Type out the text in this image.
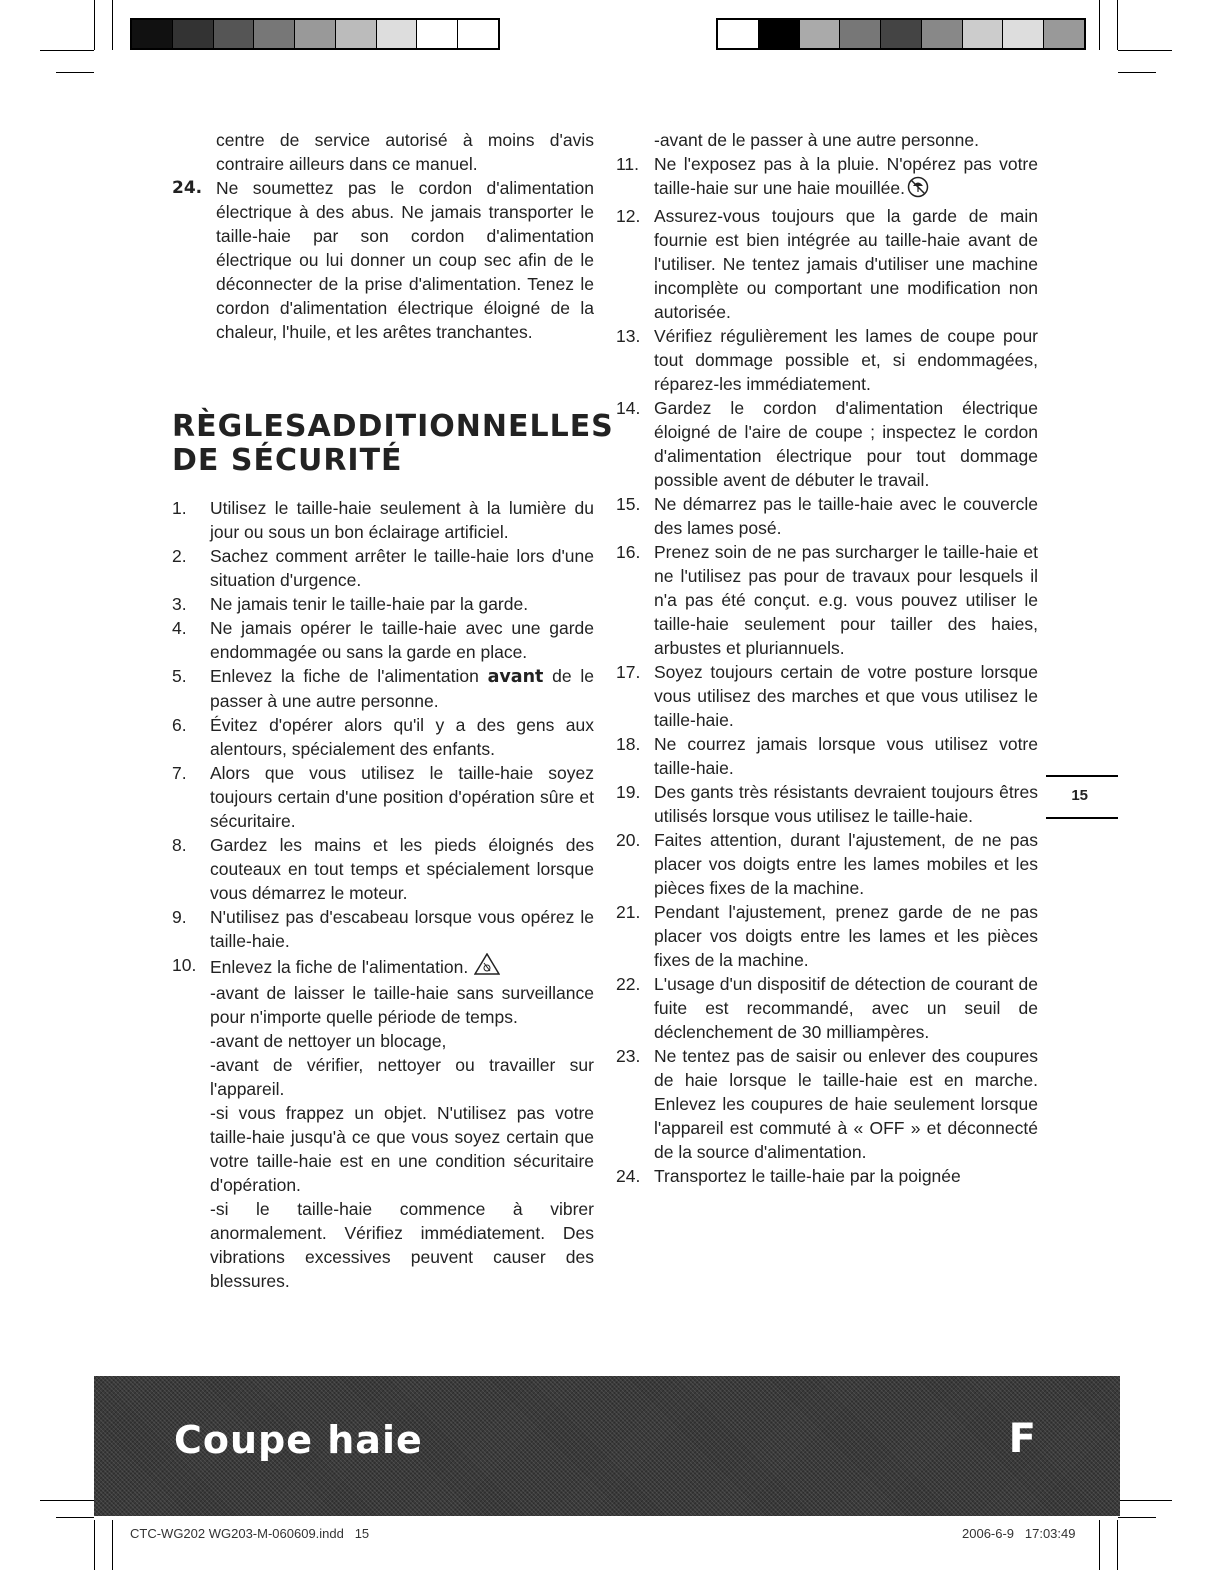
centre de service autorisé à moins d'avis contraire ailleurs dans ce manuel.
24. Ne soumettez pas le cordon d'alimentation électrique à des abus. Ne jamais transporter le taille-haie par son cordon d'alimentation électrique ou lui donner un coup sec afin de le déconnecter de la prise d'alimentation. Tenez le cordon d'alimentation électrique éloigné de la chaleur, l'huile, et les arêtes tranchantes.
RÈGLES ADDITIONNELLES
DE SÉCURITÉ
1.	Utilisez le taille-haie seulement à la lumière du jour ou sous un bon éclairage artificiel.
2.	Sachez comment arrêter le taille-haie lors d'une situation d'urgence.
3.	Ne jamais tenir le taille-haie par la garde.
4.	Ne jamais opérer le taille-haie avec une garde endommagée ou sans la garde en place.
5.	Enlevez la fiche de l'alimentation avant de le passer à une autre personne.
6.	Évitez d'opérer alors qu'il y a des gens aux alentours, spécialement des enfants.
7.	Alors que vous utilisez le taille-haie soyez toujours certain d'une position d'opération sûre et sécuritaire.
8.	Gardez les mains et les pieds éloignés des couteaux en tout temps et spécialement lorsque vous démarrez le moteur.
9.	N'utilisez pas d'escabeau lorsque vous opérez le taille-haie.
10. Enlevez la fiche de l'alimentation.
-avant de laisser le taille-haie sans surveillance pour n'importe quelle période de temps.
-avant de nettoyer un blocage,
-avant de vérifier, nettoyer ou travailler sur l'appareil.
-si vous frappez un objet. N'utilisez pas votre taille-haie jusqu'à ce que vous soyez certain que votre taille-haie est en une condition sécuritaire d'opération.
-si le taille-haie commence à vibrer anormalement. Vérifiez immédiatement. Des vibrations excessives peuvent causer des blessures.
-avant de le passer à une autre personne.
11. Ne l'exposez pas à la pluie. N'opérez pas votre taille-haie sur une haie mouillée.
12. Assurez-vous toujours que la garde de main fournie est bien intégrée au taille-haie avant de l'utiliser. Ne tentez jamais d'utiliser une machine incomplète ou comportant une modification non autorisée.
13. Vérifiez régulièrement les lames de coupe pour tout dommage possible et, si endommagées, réparez-les immédiatement.
14. Gardez le cordon d'alimentation électrique éloigné de l'aire de coupe ; inspectez le cordon d'alimentation électrique pour tout dommage possible avent de débuter le travail.
15. Ne démarrez pas le taille-haie avec le couvercle des lames posé.
16. Prenez soin de ne pas surcharger le taille-haie et ne l'utilisez pas pour de travaux pour lesquels il n'a pas été conçut. e.g. vous pouvez utiliser le taille-haie seulement pour tailler des haies, arbustes et pluriannuels.
17. Soyez toujours certain de votre posture lorsque vous utilisez des marches et que vous utilisez le taille-haie.
18. Ne courrez jamais lorsque vous utilisez votre taille-haie.
19. Des gants très résistants devraient toujours êtres utilisés lorsque vous utilisez le taille-haie.
20. Faites attention, durant l'ajustement, de ne pas placer vos doigts entre les lames mobiles et les pièces fixes de la machine.
21. Pendant l'ajustement, prenez garde de ne pas placer vos doigts entre les lames et les pièces fixes de la machine.
22. L'usage d'un dispositif de détection de courant de fuite est recommandé, avec un seuil de déclenchement de 30 milliampères.
23. Ne tentez pas de saisir ou enlever des coupures de haie lorsque le taille-haie est en marche. Enlevez les coupures de haie seulement lorsque l'appareil est commuté à « OFF » et déconnecté de la source d'alimentation.
24. Transportez le taille-haie par la poignée
15
Coupe haie	F
CTC-WG202 WG203-M-060609.indd   15	2006-6-9   17:03:49
